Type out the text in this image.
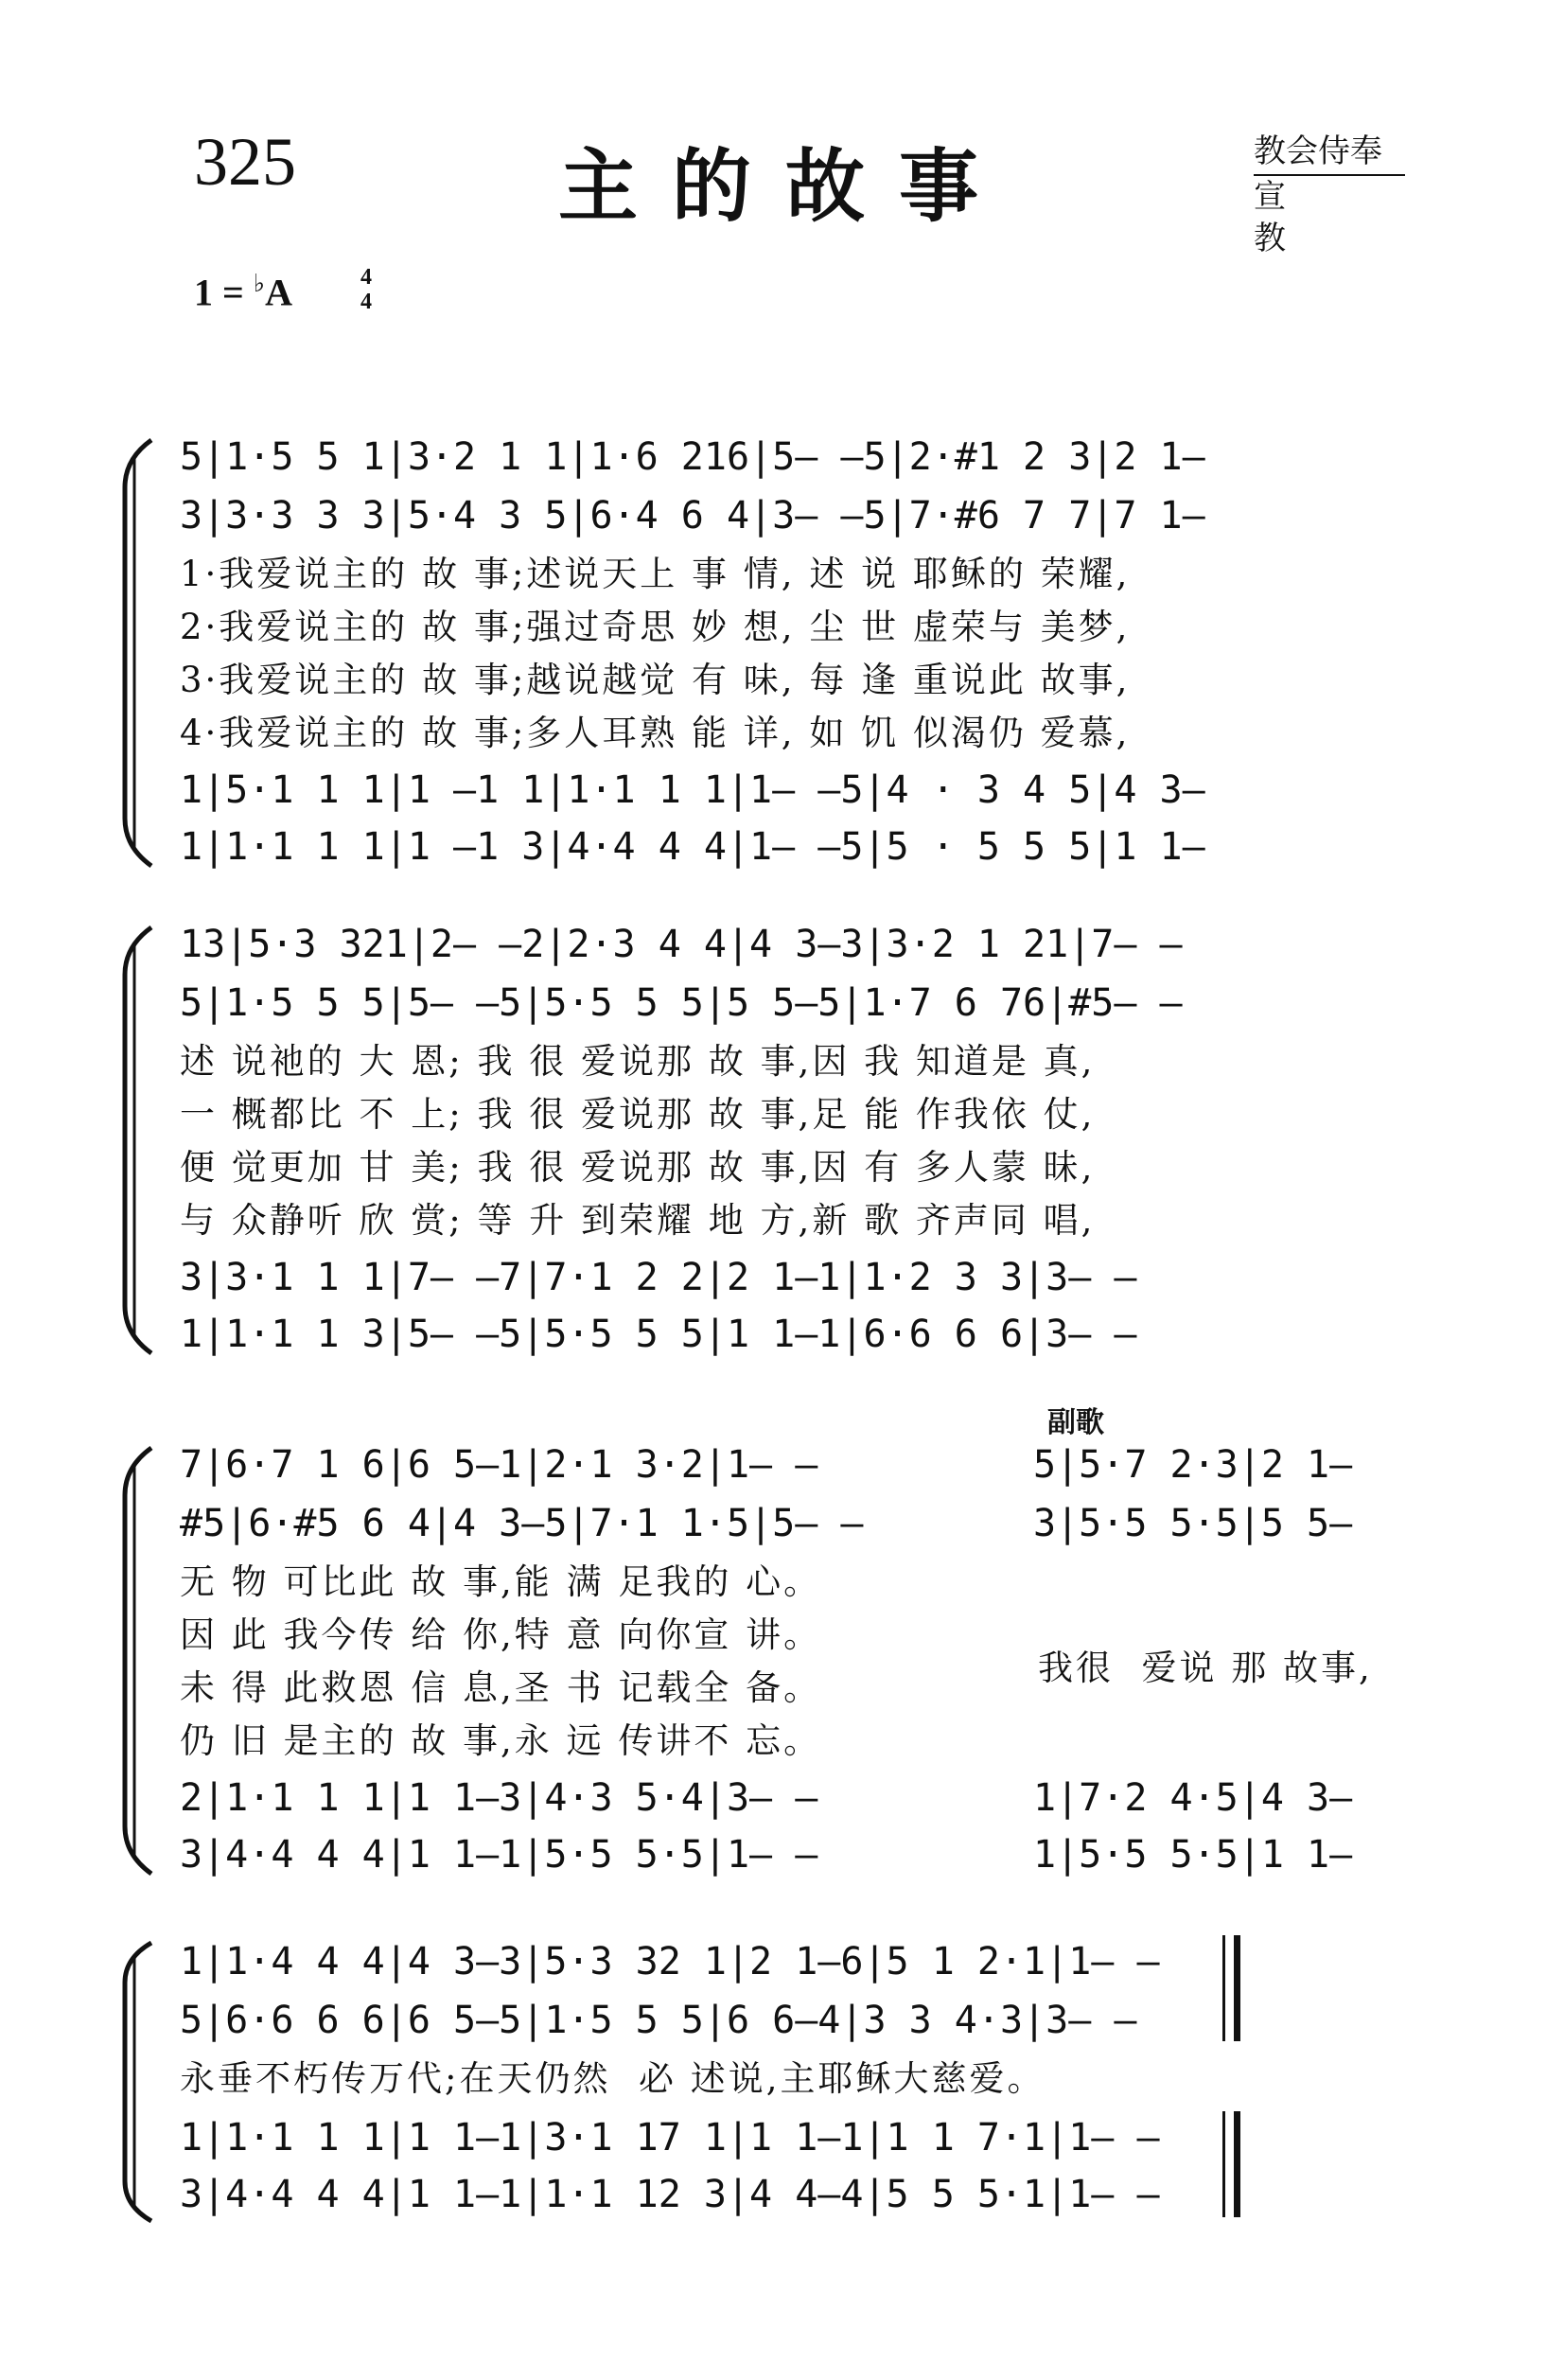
325	主的故事	教会侍奉
宣教
1 = ♭A	4
4
5|1·5 5 1|3·2 1 1|1·6 216|5— —5|2·#1 2 3|2 1—
3|3·3 3 3|5·4 3 5|6·4 6 4|3— —5|7·#6 7 7|7 1—
1·我爱说主的 故 事;述说天上 事 情, 述 说 耶稣的 荣耀,
2·我爱说主的 故 事;强过奇思 妙 想, 尘 世 虚荣与 美梦,
3·我爱说主的 故 事;越说越觉 有 味, 每 逢 重说此 故事,
4·我爱说主的 故 事;多人耳熟 能 详, 如 饥 似渴仍 爱慕,
1|5·1 1 1|1 —1 1|1·1 1 1|1— —5|4 · 3 4 5|4 3—
1|1·1 1 1|1 —1 3|4·4 4 4|1— —5|5 · 5 5 5|1 1—
13|5·3 321|2— —2|2·3 4 4|4 3—3|3·2 1 21|7— —
5|1·5 5 5|5— —5|5·5 5 5|5 5—5|1·7 6 76|#5— —
述 说祂的 大 恩; 我 很 爱说那 故 事,因 我 知道是 真,
一 概都比 不 上; 我 很 爱说那 故 事,足 能 作我依 仗,
便 觉更加 甘 美; 我 很 爱说那 故 事,因 有 多人蒙 昧,
与 众静听 欣 赏; 等 升 到荣耀 地 方,新 歌 齐声同 唱,
3|3·1 1 1|7— —7|7·1 2 2|2 1—1|1·2 3 3|3— —
1|1·1 1 3|5— —5|5·5 5 5|1 1—1|6·6 6 6|3— —
副歌
7|6·7 1 6|6 5—1|2·1 3·2|1— —
#5|6·#5 6 4|4 3—5|7·1 1·5|5— —
5|5·7 2·3|2 1—
3|5·5 5·5|5 5—
无 物 可比此 故 事,能 满 足我的 心。
因 此 我今传 给 你,特 意 向你宣 讲。
未 得 此救恩 信 息,圣 书 记载全 备。
仍 旧 是主的 故 事,永 远 传讲不 忘。
我很  爱说 那 故事,
2|1·1 1 1|1 1—3|4·3 5·4|3— —
3|4·4 4 4|1 1—1|5·5 5·5|1— —
1|7·2 4·5|4 3—
1|5·5 5·5|1 1—
1|1·4 4 4|4 3—3|5·3 32 1|2 1—6|5 1 2·1|1— —
5|6·6 6 6|6 5—5|1·5 5 5|6 6—4|3 3 4·3|3— —
永垂不朽传万代;在天仍然  必 述说,主耶稣大慈爱。
1|1·1 1 1|1 1—1|3·1 17 1|1 1—1|1 1 7·1|1— —
3|4·4 4 4|1 1—1|1·1 12 3|4 4—4|5 5 5·1|1— —
